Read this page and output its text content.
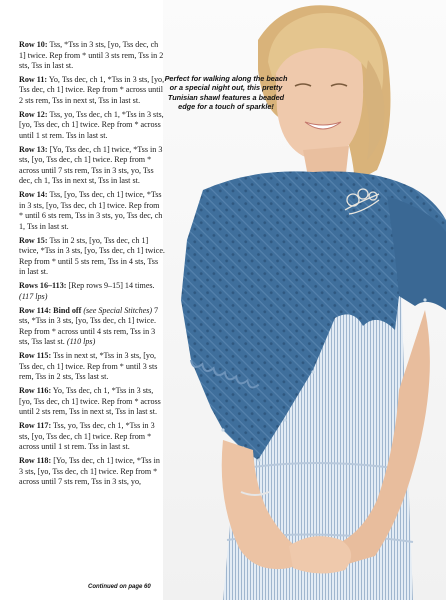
Row 10: Tss, *Tss in 3 sts, [yo, Tss dec, ch 1] twice. Rep from * until 3 sts rem, Tss in 2 sts, Tss in last st.

Row 11: Yo, Tss dec, ch 1, *Tss in 3 sts, [yo, Tss dec, ch 1] twice. Rep from * across until 2 sts rem, Tss in next st, Tss in last st.

Row 12: Tss, yo, Tss dec, ch 1, *Tss in 3 sts, [yo, Tss dec, ch 1] twice. Rep from * across until 1 st rem. Tss in last st.

Row 13: [Yo, Tss dec, ch 1] twice, *Tss in 3 sts, [yo, Tss dec, ch 1] twice. Rep from * across until 7 sts rem, Tss in 3 sts, yo, Tss dec, ch 1, Tss in next st, Tss in last st.

Row 14: Tss, [yo, Tss dec, ch 1] twice, *Tss in 3 sts, [yo, Tss dec, ch 1] twice. Rep from * until 6 sts rem, Tss in 3 sts, yo, Tss dec, ch 1, Tss in last st.

Row 15: Tss in 2 sts, [yo, Tss dec, ch 1] twice, *Tss in 3 sts, [yo, Tss dec, ch 1] twice. Rep from * until 5 sts rem, Tss in 4 sts, Tss in last st.

Rows 16–113: [Rep rows 9–15] 14 times. (117 lps)

Row 114: Bind off (see Special Stitches) 7 sts, *Tss in 3 sts, [yo, Tss dec, ch 1] twice. Rep from * across until 4 sts rem, Tss in 3 sts, Tss last st. (110 lps)

Row 115: Tss in next st, *Tss in 3 sts, [yo, Tss dec, ch 1] twice. Rep from * until 3 sts rem, Tss in 2 sts, Tss last st.

Row 116: Yo, Tss dec, ch 1, *Tss in 3 sts, [yo, Tss dec, ch 1] twice. Rep from * across until 2 sts rem, Tss in next st, Tss in last st.

Row 117: Tss, yo, Tss dec, ch 1, *Tss in 3 sts, [yo, Tss dec, ch 1] twice. Rep from * across until 1 st rem. Tss in last st.

Row 118: [Yo, Tss dec, ch 1] twice, *Tss in 3 sts, [yo, Tss dec, ch 1] twice. Rep from * across until 7 sts rem, Tss in 3 sts, yo,

Perfect for walking along the beach or a special night out, this pretty Tunisian shawl features a beaded edge for a touch of sparkle!
Continued on page 60
